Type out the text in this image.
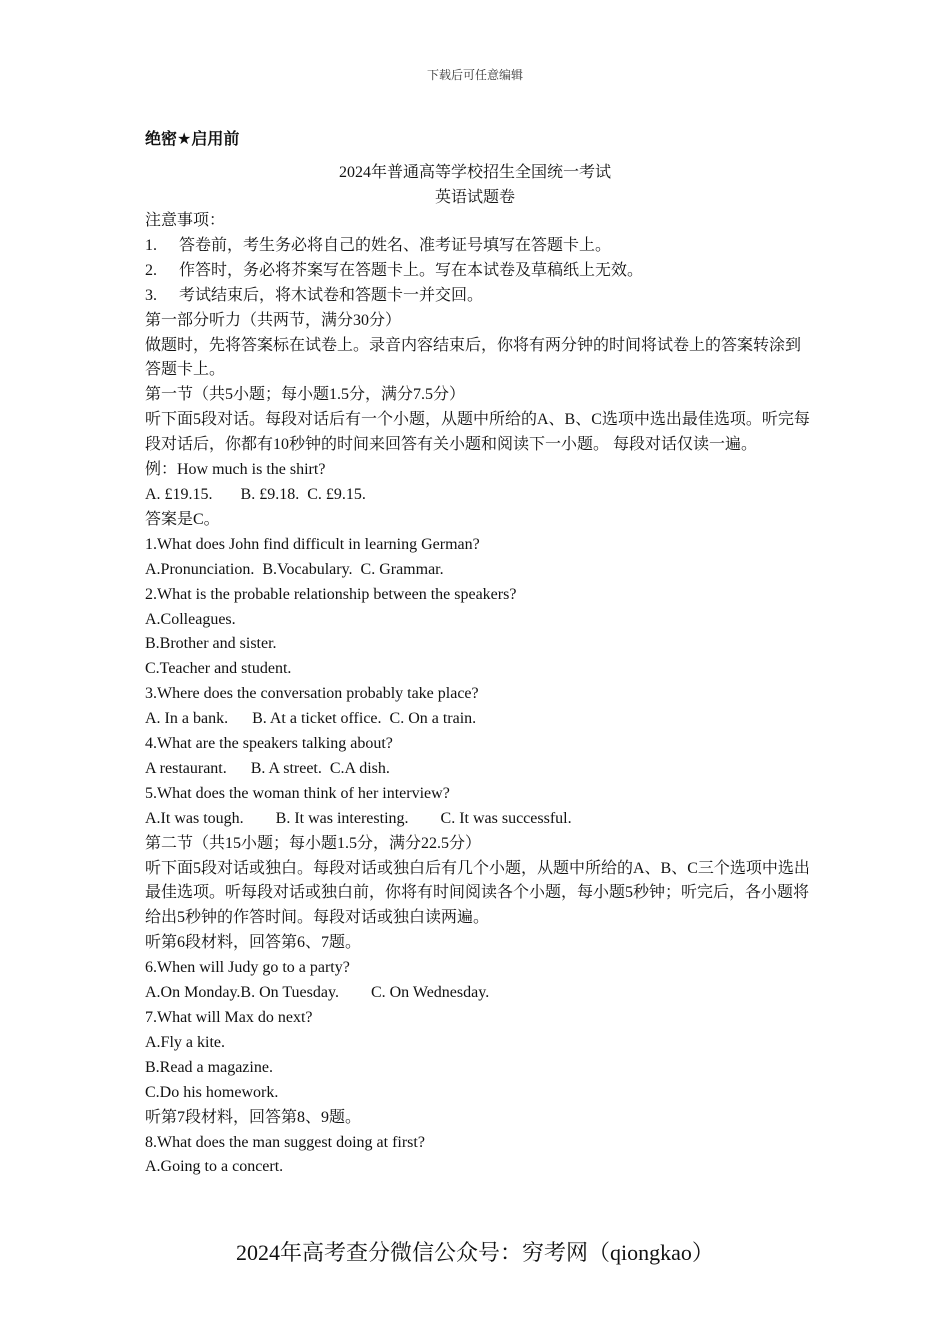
下载后可任意编辑
绝密★启用前
2024年普通高等学校招生全国统一考试
英语试题卷

注意事项：

1. 答卷前，考生务必将自己的姓名、准考证号填写在答题卡上。

2. 作答时，务必将芥案写在答题卡上。写在本试卷及草稿纸上无效。

3. 考试结束后，将木试卷和答题卡一并交回。

第一部分听力（共两节，满分30分）

做题时，先将答案标在试卷上。录音内容结束后，你将有两分钟的时间将试卷上的答案转涂到答题卡上。

第一节（共5小题；每小题1.5分，满分7.5分）

听下面5段对话。每段对话后有一个小题，从题中所给的A、B、C选项中选出最佳选项。听完每段对话后，你都有10秒钟的时间来回答有关小题和阅读下一小题。 每段对话仅读一遍。

例：How much is the shirt?

A. £19.15.       B. £9.18.  C. £9.15.

答案是C。

1.What does John find difficult in learning German?

A.Pronunciation.  B.Vocabulary.  C. Grammar.

2.What is the probable relationship between the speakers?

A.Colleagues.

B.Brother and sister.

C.Teacher and student.

3.Where does the conversation probably take place?

A. In a bank.      B. At a ticket office.  C. On a train.

4.What are the speakers talking about?

A restaurant.      B. A street.  C.A dish.

5.What does the woman think of her interview?

A.It was tough.        B. It was interesting.        C. It was successful.

第二节（共15小题；每小题1.5分，满分22.5分）

听下面5段对话或独白。每段对话或独白后有几个小题，从题中所给的A、B、C三个选项中选出最佳选项。听每段对话或独白前，你将有时间阅读各个小题，每小题5秒钟；听完后，各小题将给出5秒钟的作答时间。每段对话或独白读两遍。

听第6段材料，回答第6、7题。

6.When will Judy go to a party?

A.On Monday.B. On Tuesday.        C. On Wednesday.

7.What will Max do next?

A.Fly a kite.

B.Read a magazine.

C.Do his homework.

听第7段材料，回答第8、9题。

8.What does the man suggest doing at first?

A.Going to a concert.

2024年高考查分微信公众号：穷考网（qiongkao）
